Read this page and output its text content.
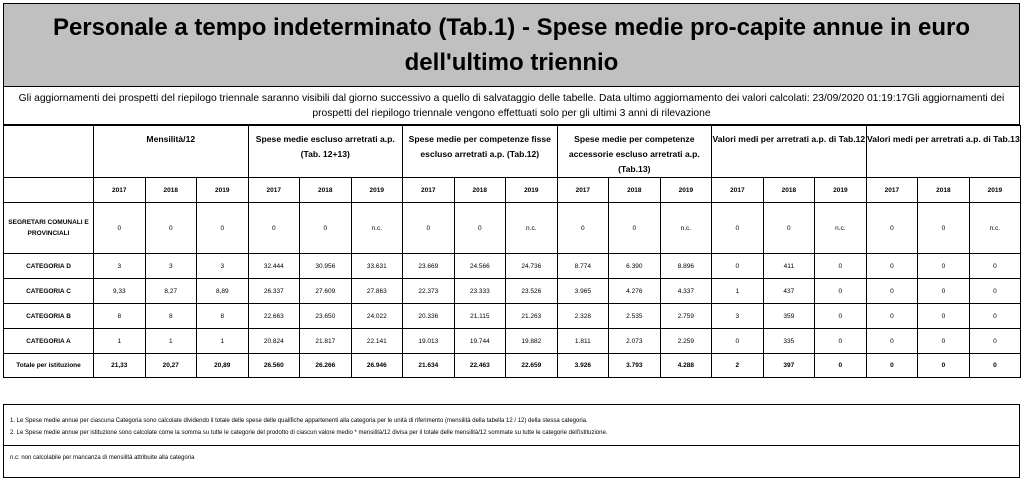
Personale a tempo indeterminato (Tab.1) - Spese medie pro-capite annue in euro dell'ultimo triennio
Gli aggiornamenti dei prospetti del riepilogo triennale saranno visibili dal giorno successivo a quello di salvataggio delle tabelle. Data ultimo aggiornamento dei valori calcolati: 23/09/2020 01:19:17Gli aggiornamenti dei prospetti del riepilogo triennale vengono effettuati solo per gli ultimi 3 anni di rilevazione
	Mensilità/12			Spese medie escluso arretrati a.p. (Tab. 12+13)			Spese medie per competenze fisse escluso arretrati a.p. (Tab.12)			Spese medie per competenze accessorie escluso arretrati a.p. (Tab.13)			Valori medi per arretrati a.p. di Tab.12			Valori medi per arretrati a.p. di Tab.13		
	2017	2018	2019	2017	2018	2019	2017	2018	2019	2017	2018	2019	2017	2018	2019	2017	2018	2019
SEGRETARI COMUNALI E PROVINCIALI	0	0	0	0	0	n.c.	0	0	n.c.	0	0	n.c.	0	0	n.c.	0	0	n.c.
CATEGORIA D	3	3	3	32.444	30.956	33.631	23.669	24.566	24.736	8.774	6.390	8.896	0	411	0	0	0	0
CATEGORIA C	9,33	8,27	8,89	26.337	27.609	27.863	22.373	23.333	23.526	3.965	4.276	4.337	1	437	0	0	0	0
CATEGORIA B	8	8	8	22.663	23.650	24.022	20.336	21.115	21.263	2.328	2.535	2.759	3	359	0	0	0	0
CATEGORIA A	1	1	1	20.824	21.817	22.141	19.013	19.744	19.882	1.811	2.073	2.259	0	335	0	0	0	0
Totale per istituzione	21,33	20,27	20,89	26.560	26.266	26.946	21.634	22.463	22.659	3.926	3.793	4.288	2	397	0	0	0	0
1. Le Spese medie annue per ciascuna Categoria sono calcolate dividendo il totale delle spese delle qualifiche appartenenti alla categoria per le unità di riferimento (mensilità della tabella 12 / 12) della stessa categoria.
2. Le Spese medie annue per istituzione sono calcolate come la somma su tutte le categorie del prodotto di ciascun valore medio * mensilità/12 divisa per il totale delle mensilità/12 sommate su tutte le categorie dell'istituzione.
n.c: non calcolabile per mancanza di mensilità attribuite alla categoria
